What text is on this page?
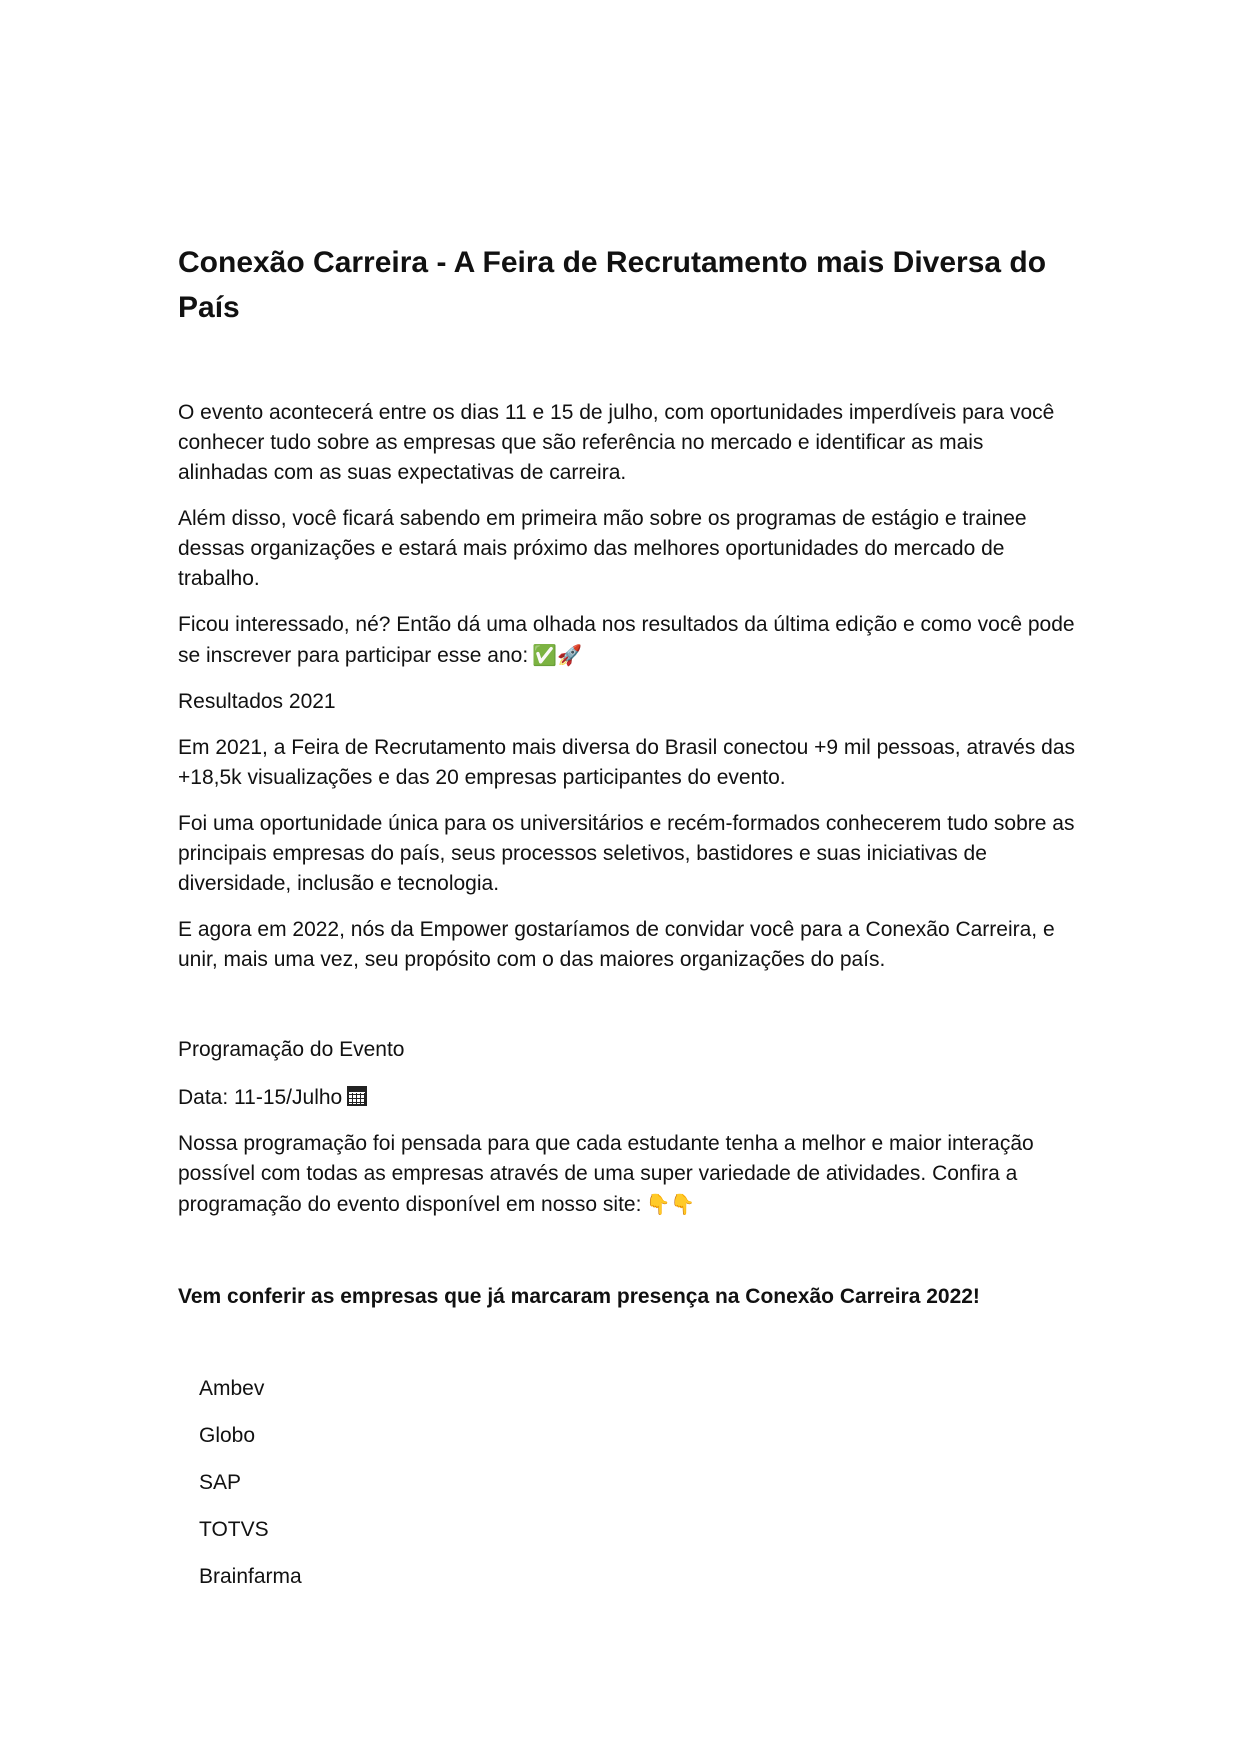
Conexão Carreira - A Feira de Recrutamento mais Diversa do País

O evento acontecerá entre os dias 11 e 15 de julho, com oportunidades imperdíveis para você conhecer tudo sobre as empresas que são referência no mercado e identificar as mais alinhadas com as suas expectativas de carreira.

Além disso, você ficará sabendo em primeira mão sobre os programas de estágio e trainee dessas organizações e estará mais próximo das melhores oportunidades do mercado de trabalho.

Ficou interessado, né? Então dá uma olhada nos resultados da última edição e como você pode se inscrever para participar esse ano: ✅🚀

Resultados 2021

Em 2021, a Feira de Recrutamento mais diversa do Brasil conectou +9 mil pessoas, através das +18,5k visualizações e das 20 empresas participantes do evento.

Foi uma oportunidade única para os universitários e recém-formados conhecerem tudo sobre as principais empresas do país, seus processos seletivos, bastidores e suas iniciativas de diversidade, inclusão e tecnologia.

E agora em 2022, nós da Empower gostaríamos de convidar você para a Conexão Carreira, e unir, mais uma vez, seu propósito com o das maiores organizações do país.

Programação do Evento

Data: 11-15/Julho

Nossa programação foi pensada para que cada estudante tenha a melhor e maior interação possível com todas as empresas através de uma super variedade de atividades. Confira a programação do evento disponível em nosso site: 👇👇

Vem conferir as empresas que já marcaram presença na Conexão Carreira 2022!

Ambev
Globo
SAP
TOTVS
Brainfarma
